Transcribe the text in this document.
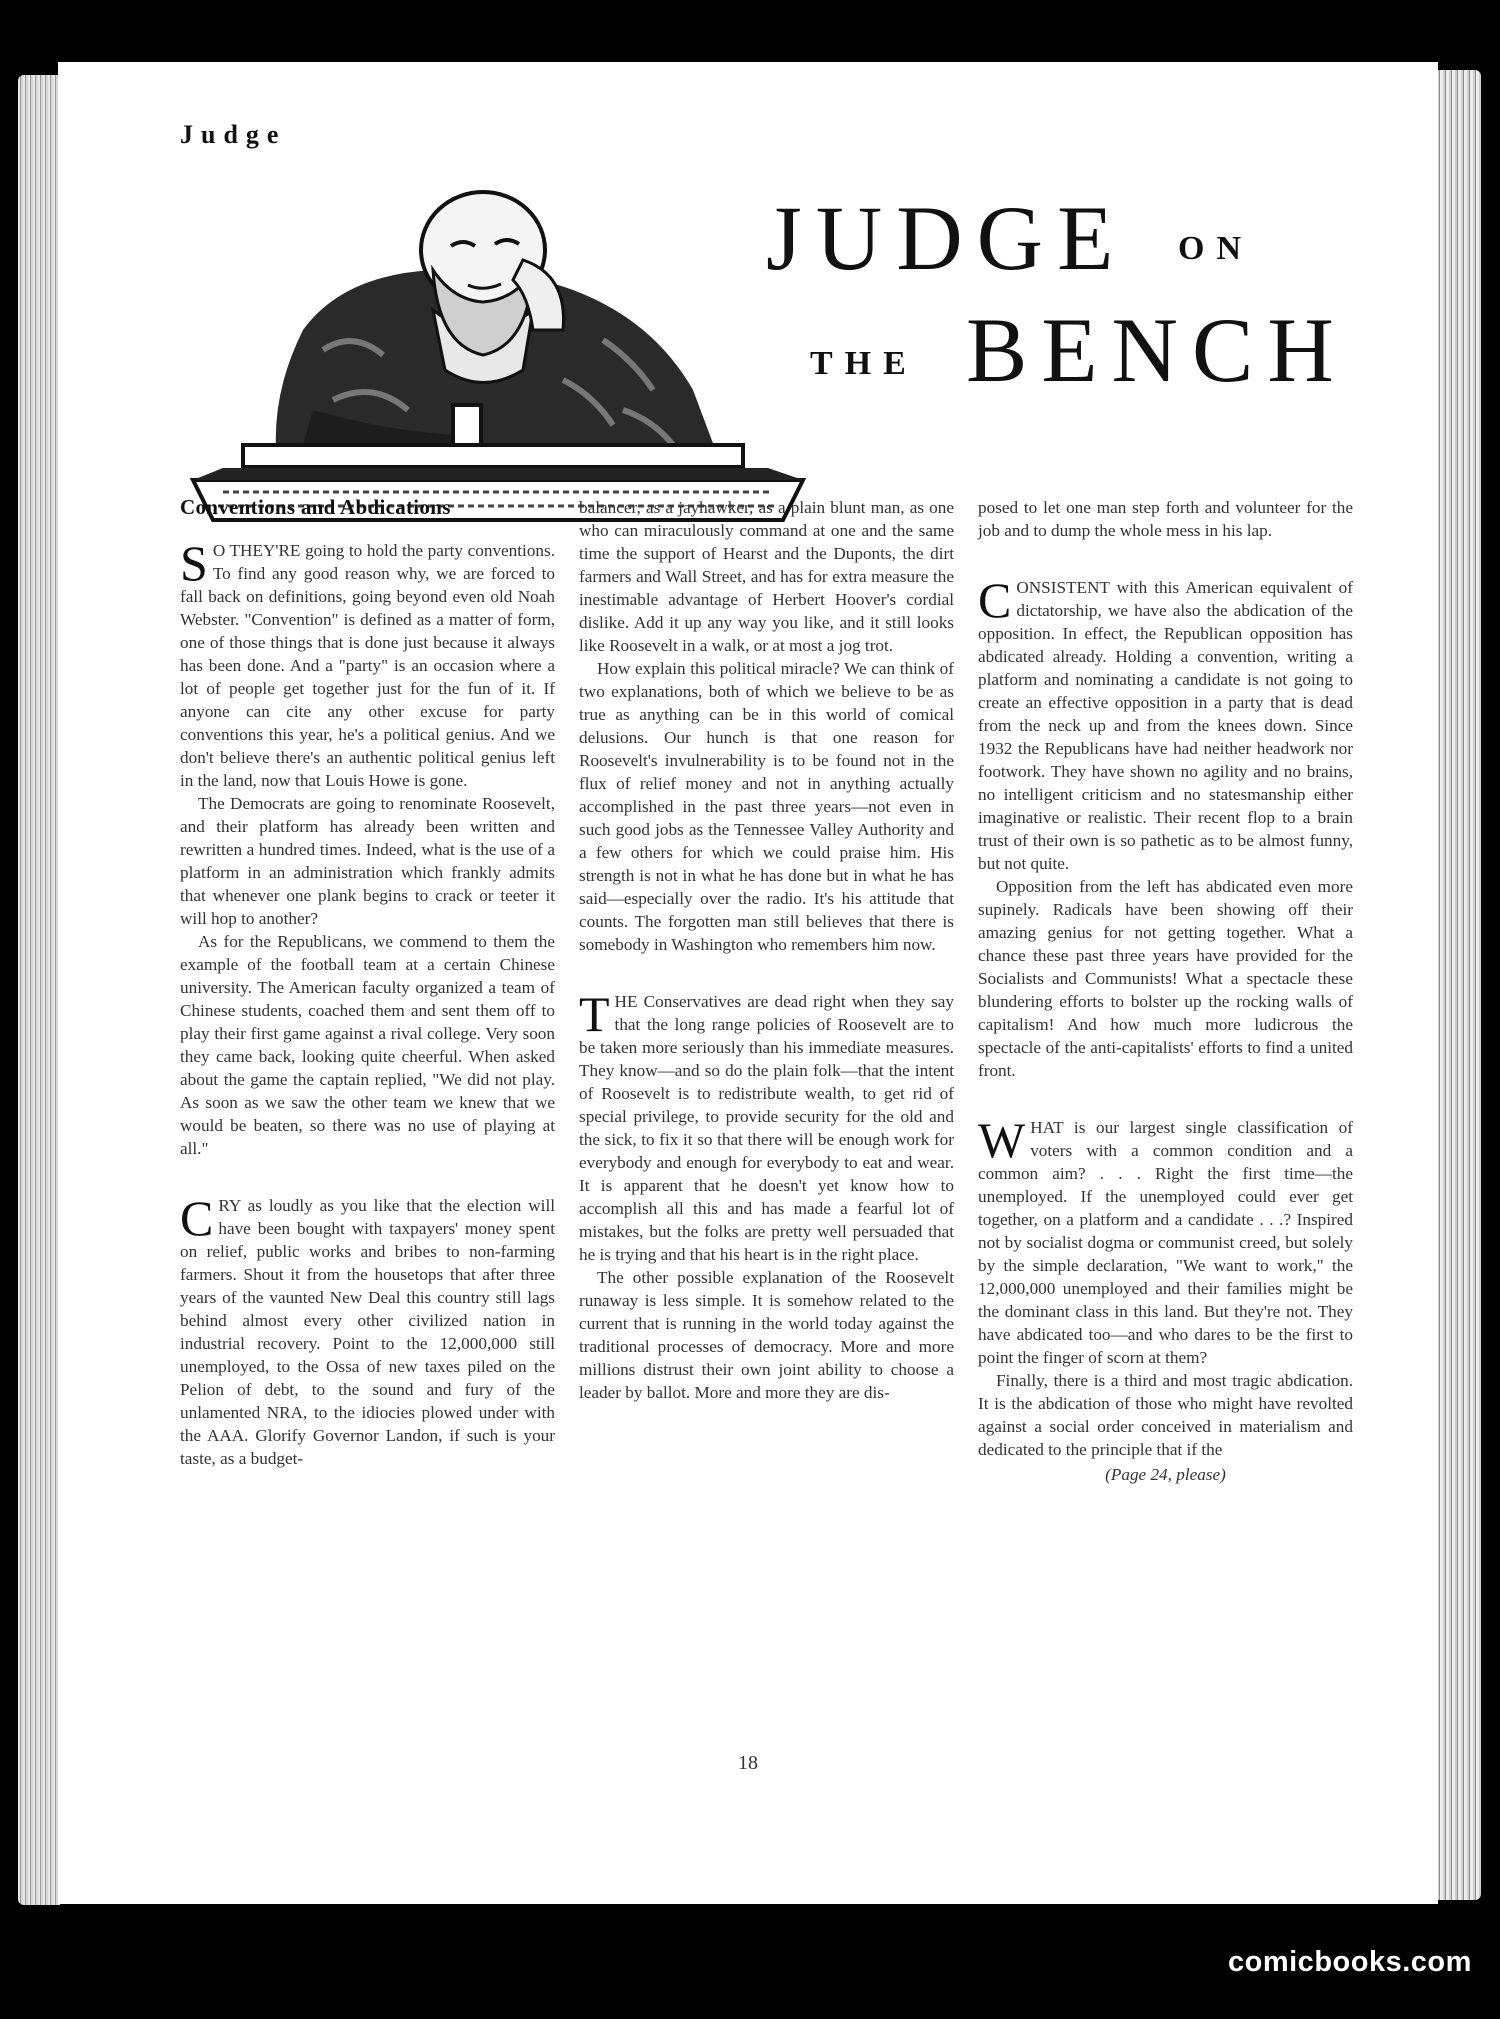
Judge
JUDGE ON
THE BENCH
Conventions and Abdications

SO THEY'RE going to hold the party conventions. To find any good reason why, we are forced to fall back on definitions, going beyond even old Noah Webster. "Convention" is defined as a matter of form, one of those things that is done just because it always has been done. And a "party" is an occasion where a lot of people get together just for the fun of it. If anyone can cite any other excuse for party conventions this year, he's a political genius. And we don't believe there's an authentic political genius left in the land, now that Louis Howe is gone.

The Democrats are going to renominate Roosevelt, and their platform has already been written and rewritten a hundred times. Indeed, what is the use of a platform in an administration which frankly admits that whenever one plank begins to crack or teeter it will hop to another?

As for the Republicans, we commend to them the example of the football team at a certain Chinese university. The American faculty organized a team of Chinese students, coached them and sent them off to play their first game against a rival college. Very soon they came back, looking quite cheerful. When asked about the game the captain replied, "We did not play. As soon as we saw the other team we knew that we would be beaten, so there was no use of playing at all."

CRY as loudly as you like that the election will have been bought with taxpayers' money spent on relief, public works and bribes to non-farming farmers. Shout it from the housetops that after three years of the vaunted New Deal this country still lags behind almost every other civilized nation in industrial recovery. Point to the 12,000,000 still unemployed, to the Ossa of new taxes piled on the Pelion of debt, to the sound and fury of the unlamented NRA, to the idiocies plowed under with the AAA. Glorify Governor Landon, if such is your taste, as a budget-

balancer, as a jayhawker, as a plain blunt man, as one who can miraculously command at one and the same time the support of Hearst and the Duponts, the dirt farmers and Wall Street, and has for extra measure the inestimable advantage of Herbert Hoover's cordial dislike. Add it up any way you like, and it still looks like Roosevelt in a walk, or at most a jog trot.

How explain this political miracle? We can think of two explanations, both of which we believe to be as true as anything can be in this world of comical delusions. Our hunch is that one reason for Roosevelt's invulnerability is to be found not in the flux of relief money and not in anything actually accomplished in the past three years—not even in such good jobs as the Tennessee Valley Authority and a few others for which we could praise him. His strength is not in what he has done but in what he has said—especially over the radio. It's his attitude that counts. The forgotten man still believes that there is somebody in Washington who remembers him now.

THE Conservatives are dead right when they say that the long range policies of Roosevelt are to be taken more seriously than his immediate measures. They know—and so do the plain folk—that the intent of Roosevelt is to redistribute wealth, to get rid of special privilege, to provide security for the old and the sick, to fix it so that there will be enough work for everybody and enough for everybody to eat and wear. It is apparent that he doesn't yet know how to accomplish all this and has made a fearful lot of mistakes, but the folks are pretty well persuaded that he is trying and that his heart is in the right place.

The other possible explanation of the Roosevelt runaway is less simple. It is somehow related to the current that is running in the world today against the traditional processes of democracy. More and more millions distrust their own joint ability to choose a leader by ballot. More and more they are dis-

posed to let one man step forth and volunteer for the job and to dump the whole mess in his lap.

CONSISTENT with this American equivalent of dictatorship, we have also the abdication of the opposition. In effect, the Republican opposition has abdicated already. Holding a convention, writing a platform and nominating a candidate is not going to create an effective opposition in a party that is dead from the neck up and from the knees down. Since 1932 the Republicans have had neither headwork nor footwork. They have shown no agility and no brains, no intelligent criticism and no statesmanship either imaginative or realistic. Their recent flop to a brain trust of their own is so pathetic as to be almost funny, but not quite.

Opposition from the left has abdicated even more supinely. Radicals have been showing off their amazing genius for not getting together. What a chance these past three years have provided for the Socialists and Communists! What a spectacle these blundering efforts to bolster up the rocking walls of capitalism! And how much more ludicrous the spectacle of the anti-capitalists' efforts to find a united front.

WHAT is our largest single classification of voters with a common condition and a common aim? . . . Right the first time—the unemployed. If the unemployed could ever get together, on a platform and a candidate . . .? Inspired not by socialist dogma or communist creed, but solely by the simple declaration, "We want to work," the 12,000,000 unemployed and their families might be the dominant class in this land. But they're not. They have abdicated too—and who dares to be the first to point the finger of scorn at them?

Finally, there is a third and most tragic abdication. It is the abdication of those who might have revolted against a social order conceived in materialism and dedicated to the principle that if the

(Page 24, please)
18
comicbooks.com
